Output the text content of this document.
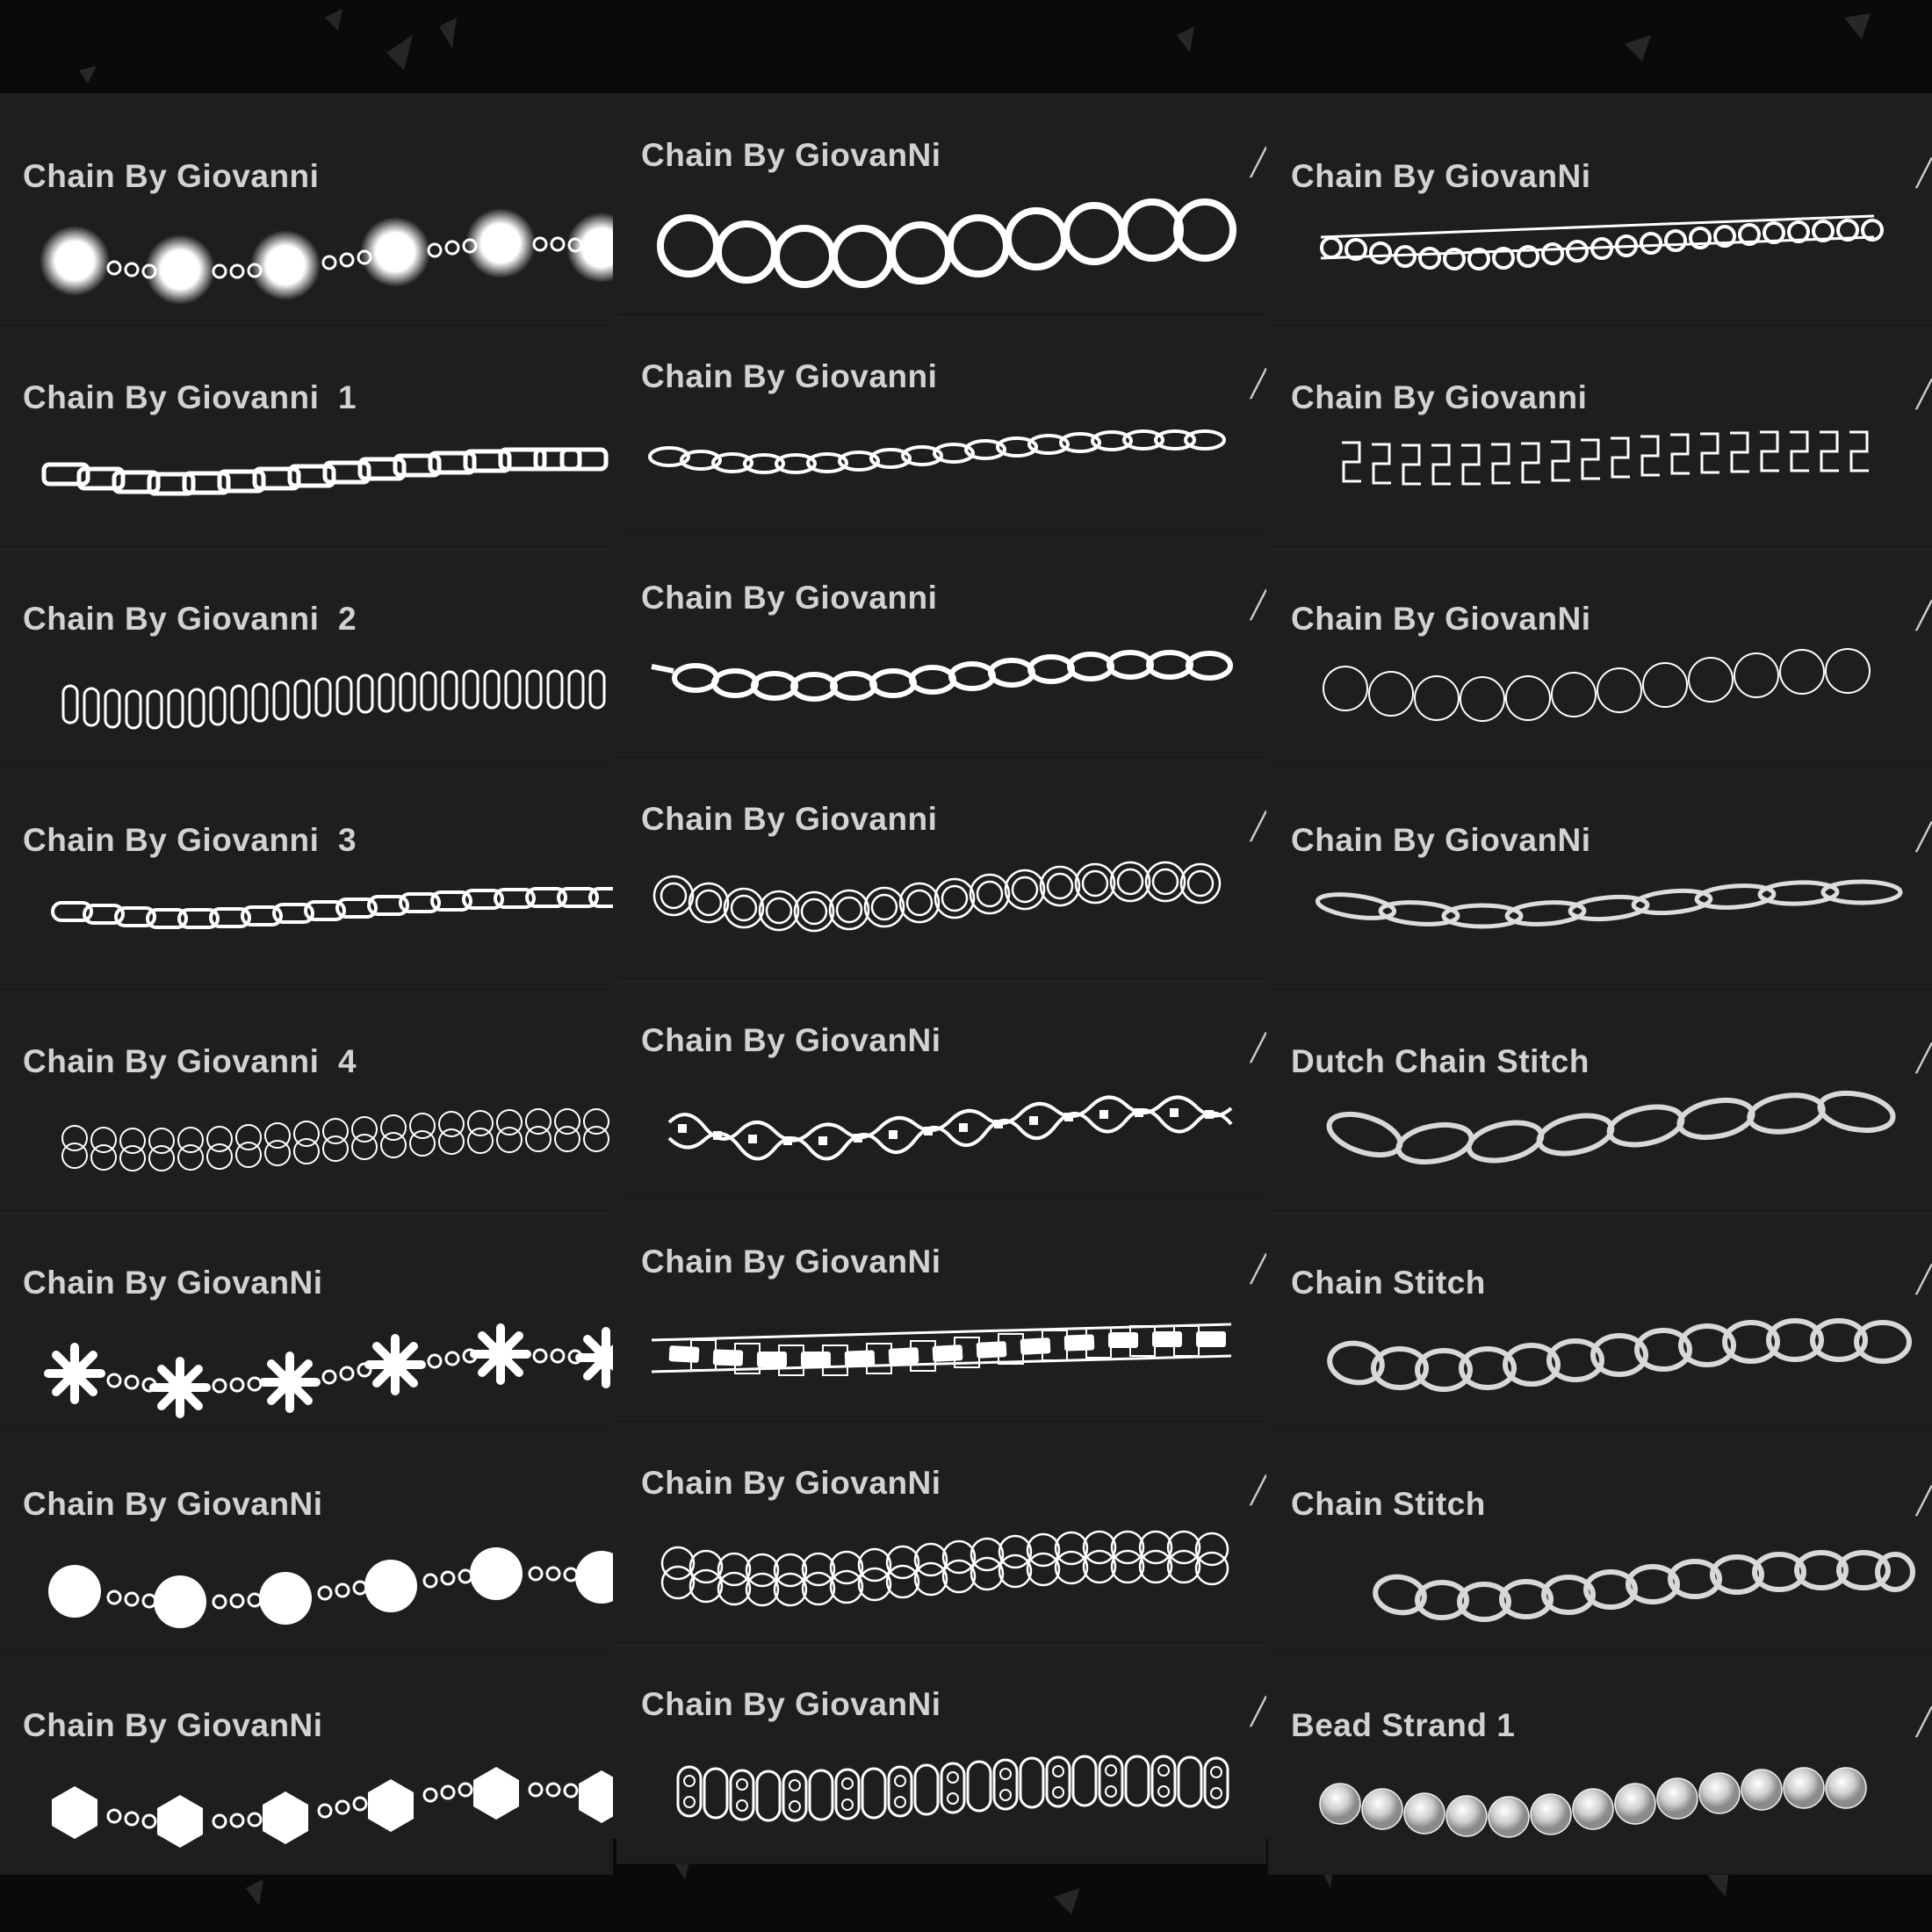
Chain By Giovanni
Chain By Giovanni  1
Chain By Giovanni  2
Chain By Giovanni  3
Chain By Giovanni  4
Chain By GiovanNi
Chain By GiovanNi
Chain By GiovanNi
Chain By GiovanNi	╱
Chain By Giovanni	╱
Chain By Giovanni	╱
Chain By Giovanni	╱
Chain By GiovanNi	╱
Chain By GiovanNi	╱
Chain By GiovanNi	╱
Chain By GiovanNi	╱
Chain By GiovanNi	╱
Chain By Giovanni	╱
Chain By GiovanNi	╱
Chain By GiovanNi	╱
Dutch Chain Stitch	╱
Chain Stitch	╱
Chain Stitch	╱
Bead Strand 1	╱
